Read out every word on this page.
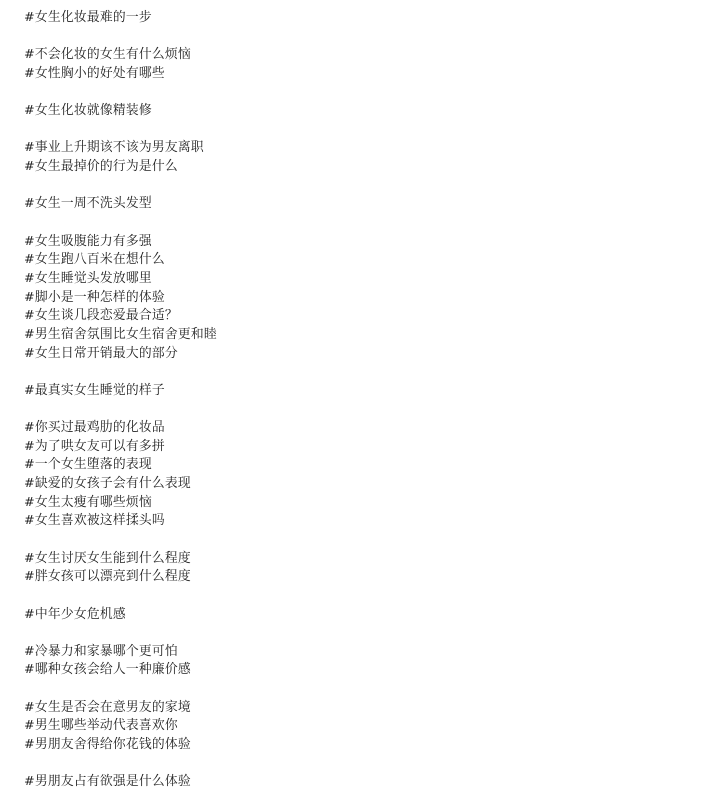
#女生化妆最难的一步
#不会化妆的女生有什么烦恼
#女性胸小的好处有哪些
#女生化妆就像精装修
#事业上升期该不该为男友离职
#女生最掉价的行为是什么
#女生一周不洗头发型
#女生吸腹能力有多强
#女生跑八百米在想什么
#女生睡觉头发放哪里
#脚小是一种怎样的体验
#女生谈几段恋爱最合适？
#男生宿舍氛围比女生宿舍更和睦
#女生日常开销最大的部分
#最真实女生睡觉的样子
#你买过最鸡肋的化妆品
#为了哄女友可以有多拼
#一个女生堕落的表现
#缺爱的女孩子会有什么表现
#女生太瘦有哪些烦恼
#女生喜欢被这样揉头吗
#女生讨厌女生能到什么程度
#胖女孩可以漂亮到什么程度
#中年少女危机感
#冷暴力和家暴哪个更可怕
#哪种女孩会给人一种廉价感
#女生是否会在意男友的家境
#男生哪些举动代表喜欢你
#男朋友舍得给你花钱的体验
#男朋友占有欲强是什么体验
